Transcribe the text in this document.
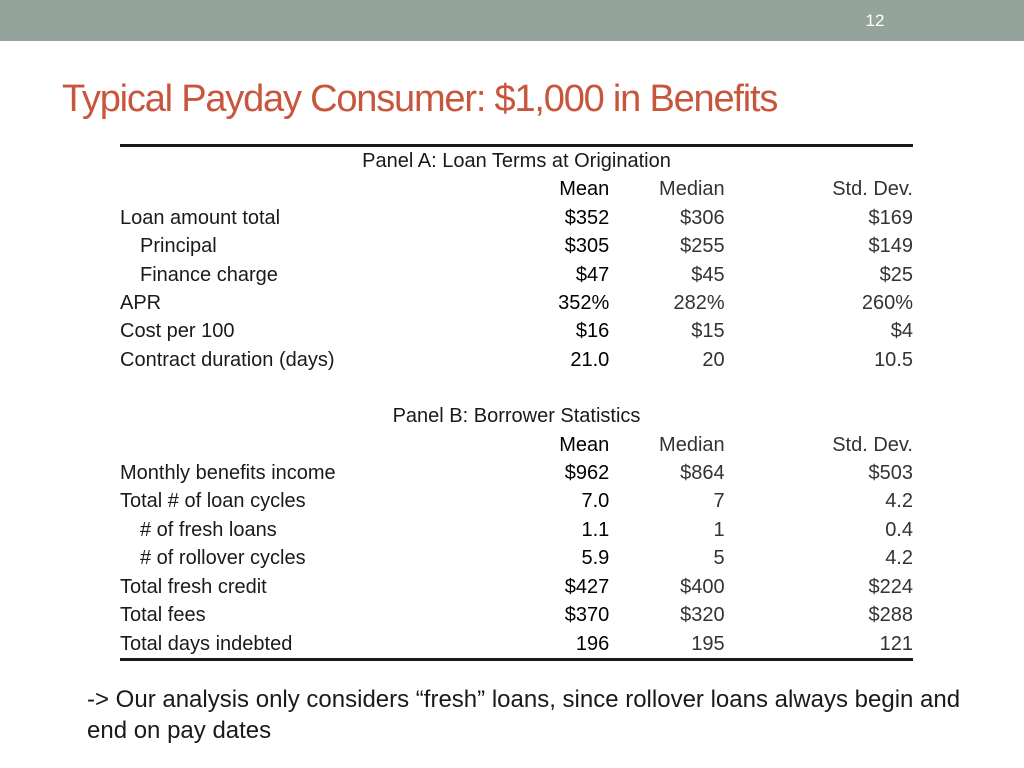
12
Typical Payday Consumer: $1,000 in Benefits
Panel A: Loan Terms at Origination			
	Mean	Median	Std. Dev.
Loan amount total	$352	$306	$169
Principal	$305	$255	$149
Finance charge	$47	$45	$25
APR	352%	282%	260%
Cost per 100	$16	$15	$4
Contract duration (days)	21.0	20	10.5

Panel B: Borrower Statistics			
	Mean	Median	Std. Dev.
Monthly benefits income	$962	$864	$503
Total # of loan cycles	7.0	7	4.2
# of fresh loans	1.1	1	0.4
# of rollover cycles	5.9	5	4.2
Total fresh credit	$427	$400	$224
Total fees	$370	$320	$288
Total days indebted	196	195	121

-> Our analysis only considers “fresh” loans, since rollover loans always begin and end on pay dates
